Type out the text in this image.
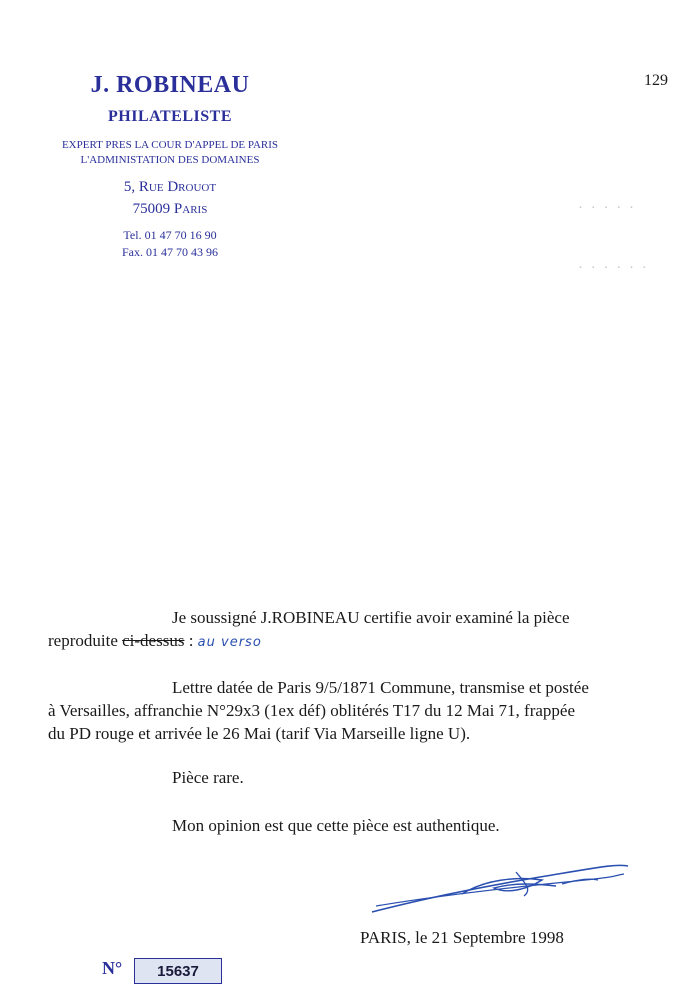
J. ROBINEAU
PHILATELISTE
EXPERT PRES LA COUR D'APPEL DE PARIS
L'ADMINISTATION DES DOMAINES
5, Rue Drouot
75009 Paris
Tel. 01 47 70 16 90
Fax. 01 47 70 43 96
129
· · · · ·
· · · · · ·
Je soussigné J.ROBINEAU certifie avoir examiné la pièce
reproduite ci-dessus : au verso
Lettre datée de Paris 9/5/1871 Commune, transmise et postée
à Versailles, affranchie N°29x3 (1ex déf) oblitérés T17 du 12 Mai 71, frappée
du PD rouge et arrivée le 26 Mai (tarif Via Marseille ligne U).
Pièce rare.
Mon opinion est que cette pièce est authentique.
PARIS, le 21 Septembre 1998
N°	15637
